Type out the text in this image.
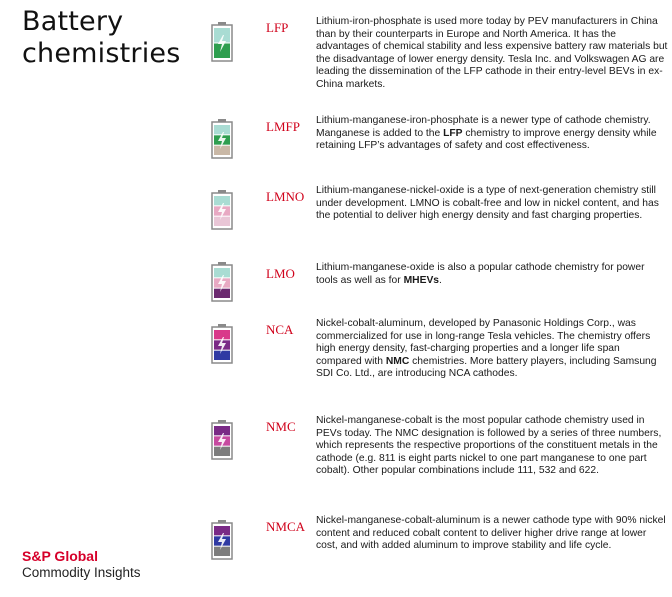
Battery
chemistries
LFP	Lithium-iron-phosphate is used more today by PEV manufacturers in China than by their counterparts in Europe and North America. It has the advantages of chemical stability and less expensive battery raw materials but the disadvantage of lower energy density. Tesla Inc. and Volkswagen AG are leading the dissemination of the LFP cathode in their entry-level BEVs in ex-China markets.
LMFP Lithium-manganese-iron-phosphate is a newer type of cathode chemistry. Manganese is added to the LFP chemistry to improve energy density while retaining LFP’s advantages of safety and cost effectiveness.
LMNO Lithium-manganese-nickel-oxide is a type of next-generation chemistry still under development. LMNO is cobalt-free and low in nickel content, and has the potential to deliver high energy density and fast charging properties.
LMO Lithium-manganese-oxide is also a popular cathode chemistry for power tools as well as for MHEVs.
NCA Nickel-cobalt-aluminum, developed by Panasonic Holdings Corp., was commercialized for use in long-range Tesla vehicles. The chemistry offers high energy density, fast-charging properties and a longer life span compared with NMC chemistries. More battery players, including Samsung SDI Co. Ltd., are introducing NCA cathodes.
NMC Nickel-manganese-cobalt is the most popular cathode chemistry used in PEVs today. The NMC designation is followed by a series of three numbers, which represents the respective proportions of the constituent metals in the cathode (e.g. 811 is eight parts nickel to one part manganese to one part cobalt). Other popular combinations include 111, 532 and 622.
NMCA Nickel-manganese-cobalt-aluminum is a newer cathode type with 90% nickel content and reduced cobalt content to deliver higher drive range at lower cost, and with added aluminum to improve stability and life cycle.
S&P Global
Commodity Insights
